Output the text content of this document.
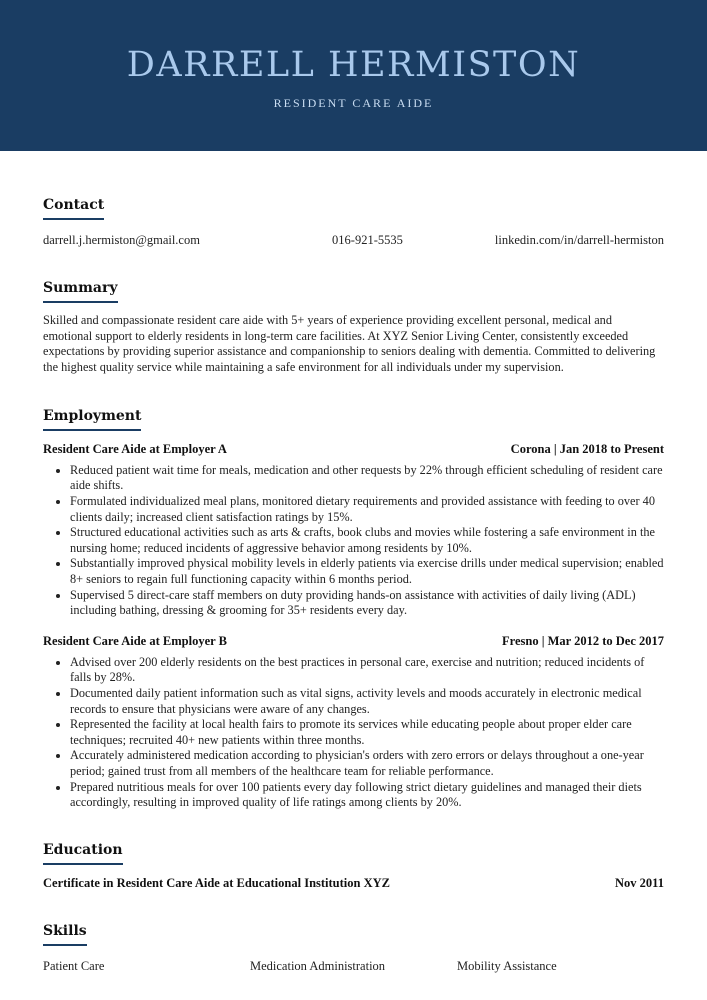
DARRELL HERMISTON
RESIDENT CARE AIDE
Contact
darrell.j.hermiston@gmail.com	016-921-5535	linkedin.com/in/darrell-hermiston
Summary
Skilled and compassionate resident care aide with 5+ years of experience providing excellent personal, medical and emotional support to elderly residents in long-term care facilities. At XYZ Senior Living Center, consistently exceeded expectations by providing superior assistance and companionship to seniors dealing with dementia. Committed to delivering the highest quality service while maintaining a safe environment for all individuals under my supervision.
Employment
Resident Care Aide at Employer A	Corona | Jan 2018 to Present
• Reduced patient wait time for meals, medication and other requests by 22% through efficient scheduling of resident care aide shifts.
• Formulated individualized meal plans, monitored dietary requirements and provided assistance with feeding to over 40 clients daily; increased client satisfaction ratings by 15%.
• Structured educational activities such as arts & crafts, book clubs and movies while fostering a safe environment in the nursing home; reduced incidents of aggressive behavior among residents by 10%.
• Substantially improved physical mobility levels in elderly patients via exercise drills under medical supervision; enabled 8+ seniors to regain full functioning capacity within 6 months period.
• Supervised 5 direct-care staff members on duty providing hands-on assistance with activities of daily living (ADL) including bathing, dressing & grooming for 35+ residents every day.
Resident Care Aide at Employer B	Fresno | Mar 2012 to Dec 2017
• Advised over 200 elderly residents on the best practices in personal care, exercise and nutrition; reduced incidents of falls by 28%.
• Documented daily patient information such as vital signs, activity levels and moods accurately in electronic medical records to ensure that physicians were aware of any changes.
• Represented the facility at local health fairs to promote its services while educating people about proper elder care techniques; recruited 40+ new patients within three months.
• Accurately administered medication according to physician's orders with zero errors or delays throughout a one-year period; gained trust from all members of the healthcare team for reliable performance.
• Prepared nutritious meals for over 100 patients every day following strict dietary guidelines and managed their diets accordingly, resulting in improved quality of life ratings among clients by 20%.
Education
Certificate in Resident Care Aide at Educational Institution XYZ	Nov 2011
Skills
Patient Care	Medication Administration	Mobility Assistance
